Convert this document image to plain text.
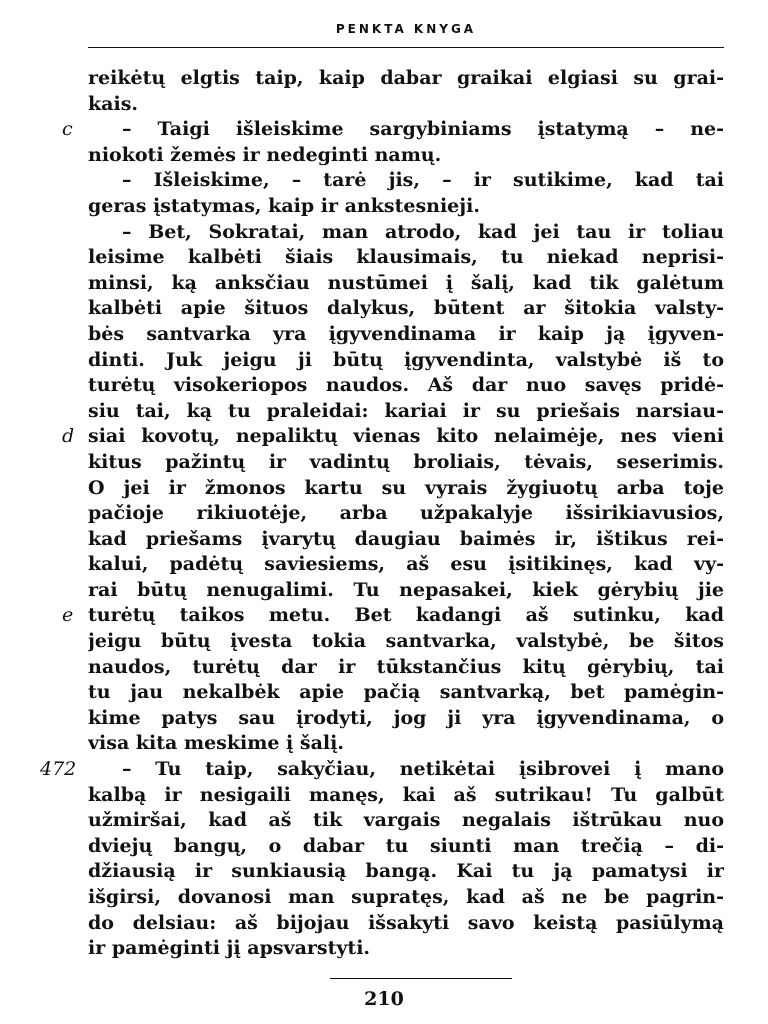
PENKTA KNYGA
reikėtų elgtis taip, kaip dabar graikai elgiasi su grai-
kais.
c	– Taigi išleiskime sargybiniams įstatymą – ne-
niokoti žemės ir nedeginti namų.
– Išleiskime, – tarė jis, – ir sutikime, kad tai
geras įstatymas, kaip ir ankstesnieji.
– Bet, Sokratai, man atrodo, kad jei tau ir toliau
leisime kalbėti šiais klausimais, tu niekad neprisi-
minsi, ką anksčiau nustūmei į šalį, kad tik galėtum
kalbėti apie šituos dalykus, būtent ar šitokia valsty-
bės santvarka yra įgyvendinama ir kaip ją įgyven-
dinti. Juk jeigu ji būtų įgyvendinta, valstybė iš to
turėtų visokeriopos naudos. Aš dar nuo savęs pridė-
siu tai, ką tu praleidai: kariai ir su priešais narsiau-
d siai kovotų, nepaliktų vienas kito nelaimėje, nes vieni
kitus pažintų ir vadintų broliais, tėvais, seserimis.
O jei ir žmonos kartu su vyrais žygiuotų arba toje
pačioje rikiuotėje, arba užpakalyje išsirikiavusios,
kad priešams įvarytų daugiau baimės ir, ištikus rei-
kalui, padėtų saviesiems, aš esu įsitikinęs, kad vy-
rai būtų nenugalimi. Tu nepasakei, kiek gėrybių jie
e turėtų taikos metu. Bet kadangi aš sutinku, kad
jeigu būtų įvesta tokia santvarka, valstybė, be šitos
naudos, turėtų dar ir tūkstančius kitų gėrybių, tai
tu jau nekalbėk apie pačią santvarką, bet pamėgin-
kime patys sau įrodyti, jog ji yra įgyvendinama, o
visa kita meskime į šalį.
472	– Tu taip, sakyčiau, netikėtai įsibrovei į mano
kalbą ir nesigaili manęs, kai aš sutrikau! Tu galbūt
užmiršai, kad aš tik vargais negalais ištrūkau nuo
dviejų bangų, o dabar tu siunti man trečią – di-
džiausią ir sunkiausią bangą. Kai tu ją pamatysi ir
išgirsi, dovanosi man supratęs, kad aš ne be pagrin-
do delsiau: aš bijojau išsakyti savo keistą pasiūlymą
ir pamėginti jį apsvarstyti.
210
